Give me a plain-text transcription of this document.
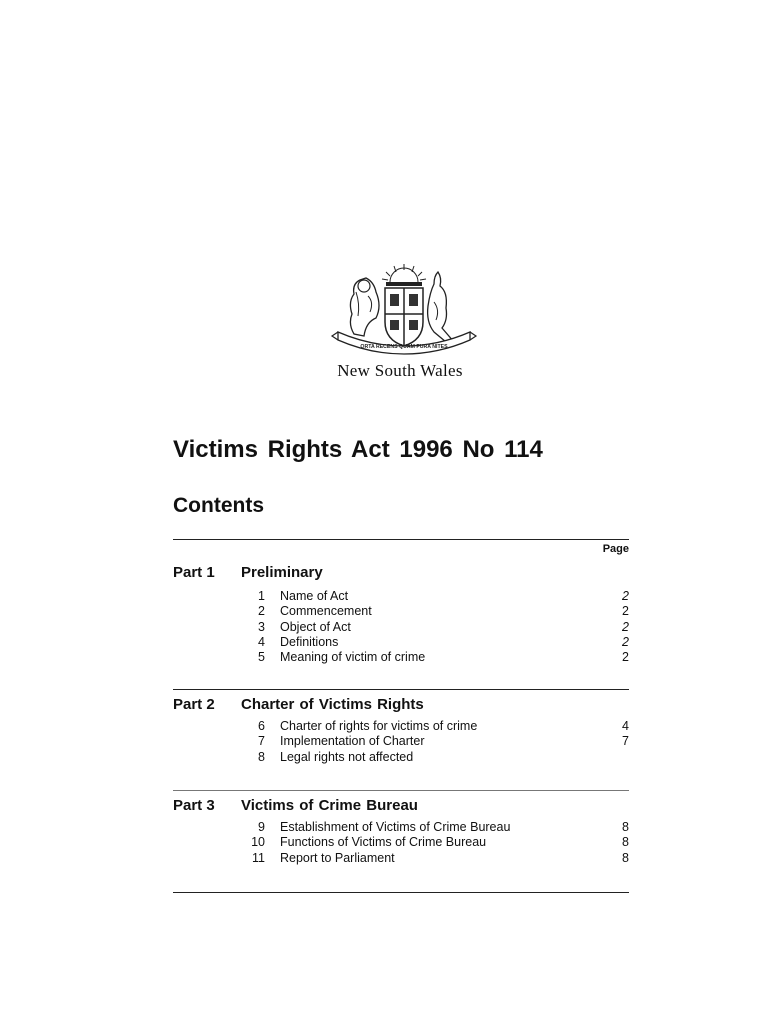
ORTA RECENS QUAM PURA NITES
New South Wales
Victims Rights Act 1996 No 114
Contents
Page
Part 1 Preliminary
1 Name of Act	2
2 Commencement	2
3 Object of Act	2
4 Definitions	2
5 Meaning of victim of crime	2
Part 2 Charter of Victims Rights
6 Charter of rights for victims of crime	4
7 Implementation of Charter	7
8 Legal rights not affected
Part 3 Victims of Crime Bureau
9 Establishment of Victims of Crime Bureau	8
10 Functions of Victims of Crime Bureau	8
11 Report to Parliament	8
